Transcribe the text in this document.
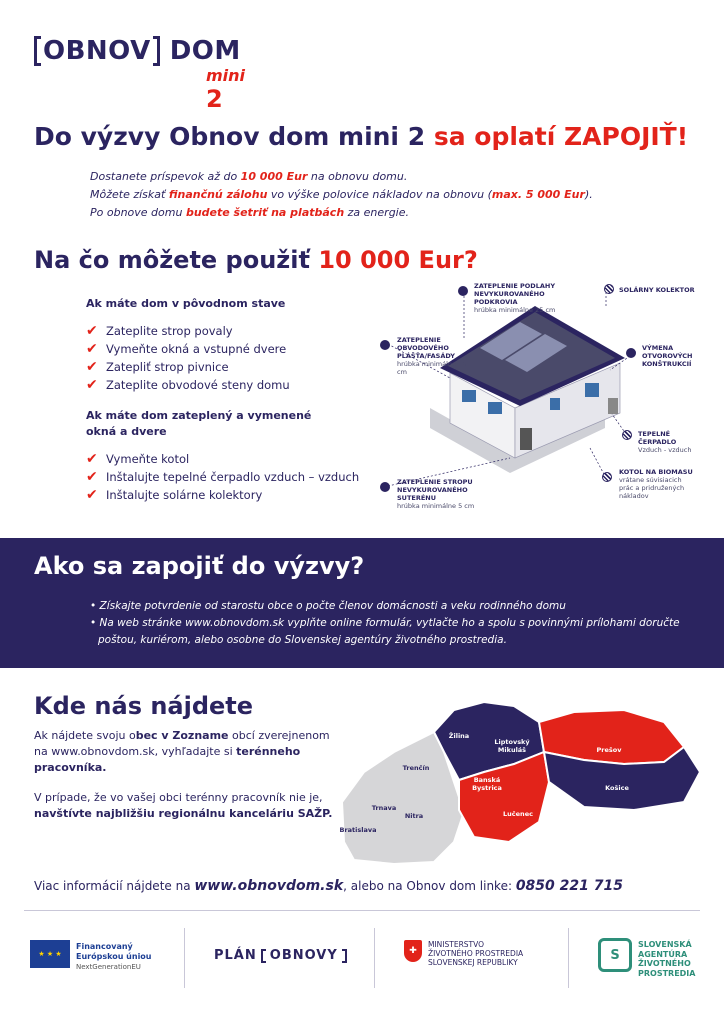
OBNOV DOM
mini 2
Do výzvy Obnov dom mini 2 sa oplatí ZAPOJIŤ!
Dostanete príspevok až do 10 000 Eur na obnovu domu.
Môžete získať finančnú zálohu vo výške polovice nákladov na obnovu (max. 5 000 Eur).
Po obnove domu budete šetriť na platbách za energie.
Na čo môžete použiť 10 000 Eur?
Ak máte dom v pôvodnom stave
✔ Zateplite strop povaly
✔ Vymeňte okná a vstupné dvere
✔ Zatepliť strop pivnice
✔ Zateplite obvodové steny domu
Ak máte dom zateplený a vymenené
okná a dvere
✔ Vymeňte kotol
✔ Inštalujte tepelné čerpadlo vzduch – vzduch
✔ Inštalujte solárne kolektory
ZATEPLENIE PODLAHY NEVYKUROVANÉHO PODKROVIA
hrúbka minimálne 25 cm
SOLÁRNY KOLEKTOR
ZATEPLENIE OBVODOVÉHO PLÁŠŤA/FASÁDY
hrúbka minimálne 10 cm
VÝMENA OTVOROVÝCH KONŠTRUKCIÍ
TEPELNÉ ČERPADLO
Vzduch - vzduch
KOTOL NA BIOMASU
vrátane súvisiacich prác a pridružených nákladov
ZATEPLENIE STROPU NEVYKUROVANÉHO SUTERÉNU
hrúbka minimálne 5 cm
Ako sa zapojiť do výzvy?
• Získajte potvrdenie od starostu obce o počte členov domácnosti a veku rodinného domu
• Na web stránke www.obnovdom.sk vyplňte online formulár, vytlačte ho a spolu s povinnými prílohami doručte poštou, kuriérom, alebo osobne do Slovenskej agentúry životného prostredia.
Kde nás nájdete

Ak nájdete svoju obec v Zozname obcí zverejnenom na www.obnovdom.sk, vyhľadajte si terénneho pracovníka.

V prípade, že vo vašej obci terénny pracovník nie je, navštívte najbližšiu regionálnu kanceláriu SAŽP.

Žilina
Liptovský Mikuláš	Prešov
Trenčín
Banská Bystrica	Košice
Trnava
Nitra	Lučenec
Bratislava
Viac informácií nájdete na www.obnovdom.sk, alebo na Obnov dom linke: 0850 221 715
★ ★ ★
Financovaný
Európskou úniou
NextGenerationEU
PLÁN OBNOVY	✚
MINISTERSTVO
ŽIVOTNÉHO PROSTREDIA
SLOVENSKEJ REPUBLIKY	S
SLOVENSKÁ
AGENTÚRA
ŽIVOTNÉHO
PROSTREDIA
